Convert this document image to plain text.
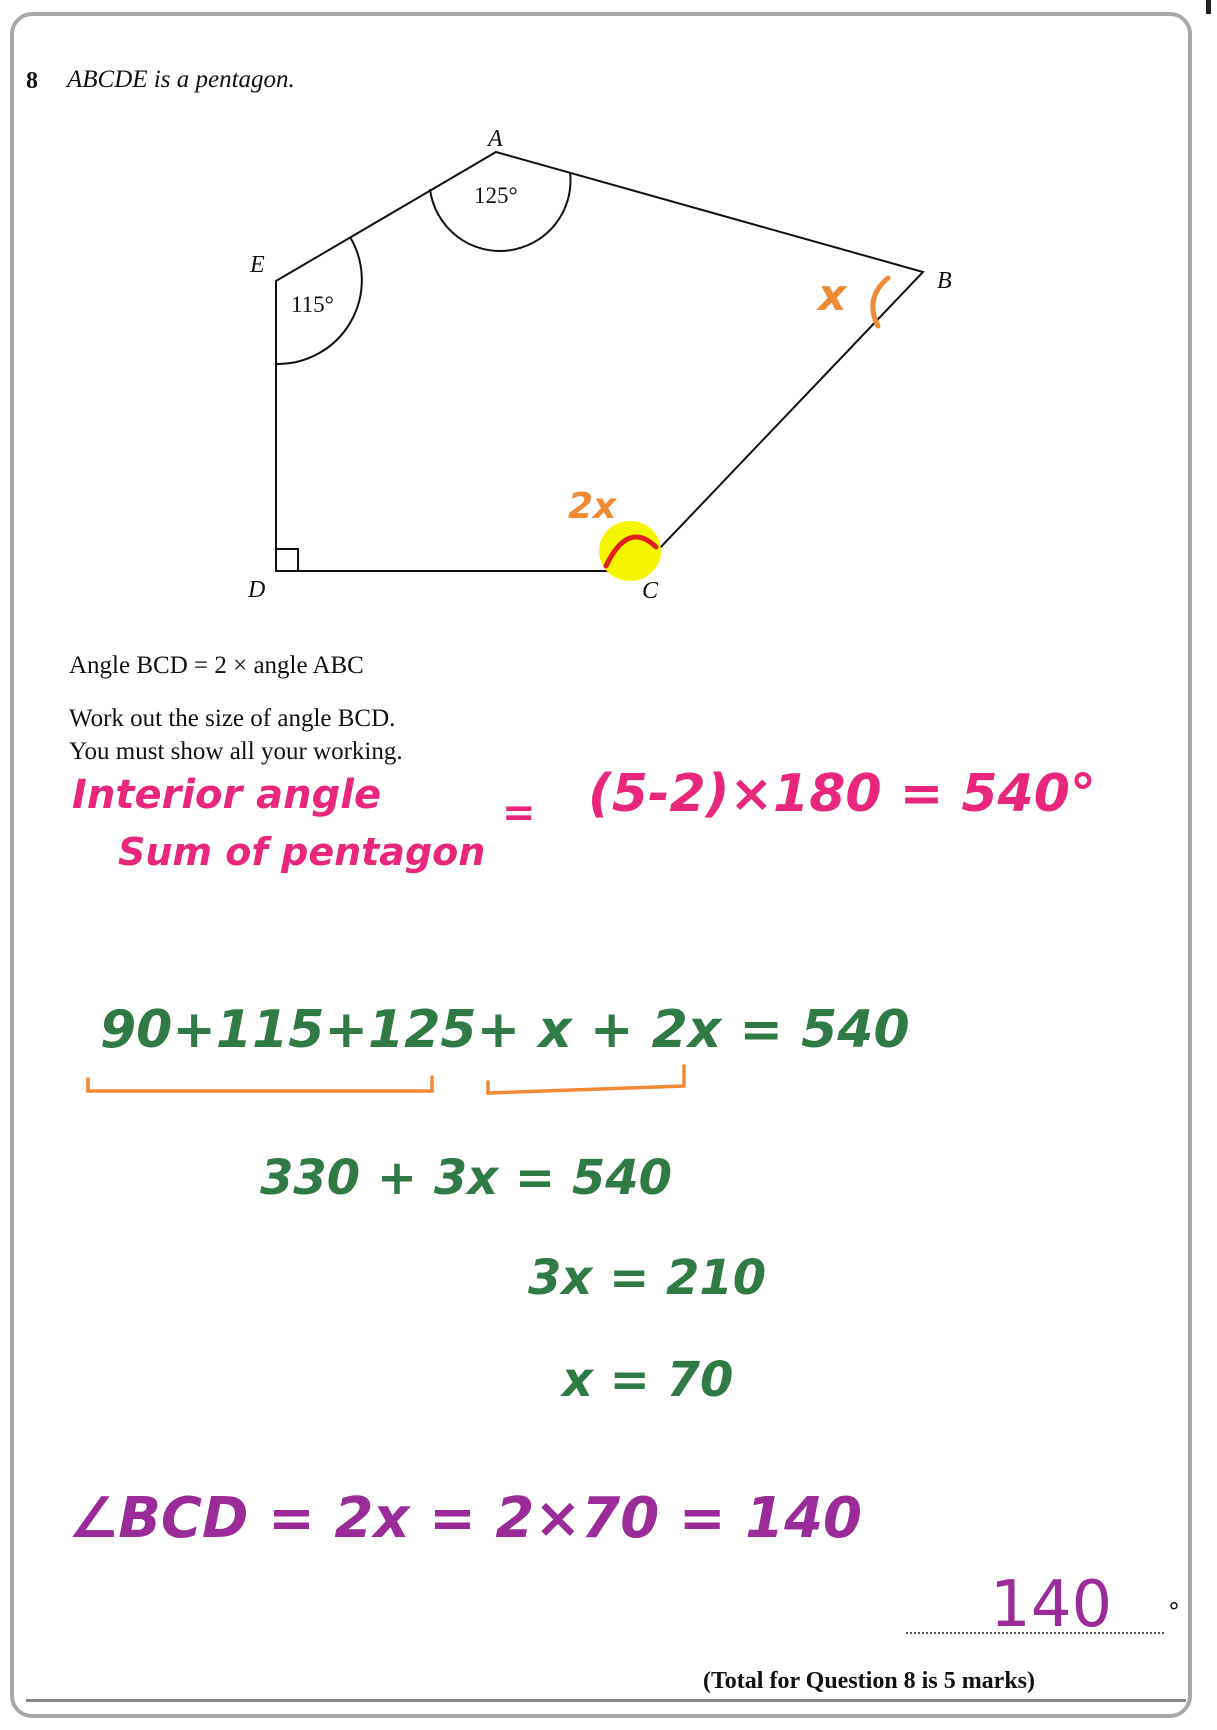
8 ABCDE is a pentagon.
A
B
C
D
E
125°
115°	x
2x
Angle BCD = 2 × angle ABC
Work out the size of angle BCD.
You must show all your working.
Interior angle
Sum of pentagon
= (5-2)×180 = 540°
90+115+125+ x + 2x = 540
330 + 3x = 540
3x = 210
x = 70
∠BCD = 2x = 2×70 = 140
140 °
(Total for Question 8 is 5 marks)
